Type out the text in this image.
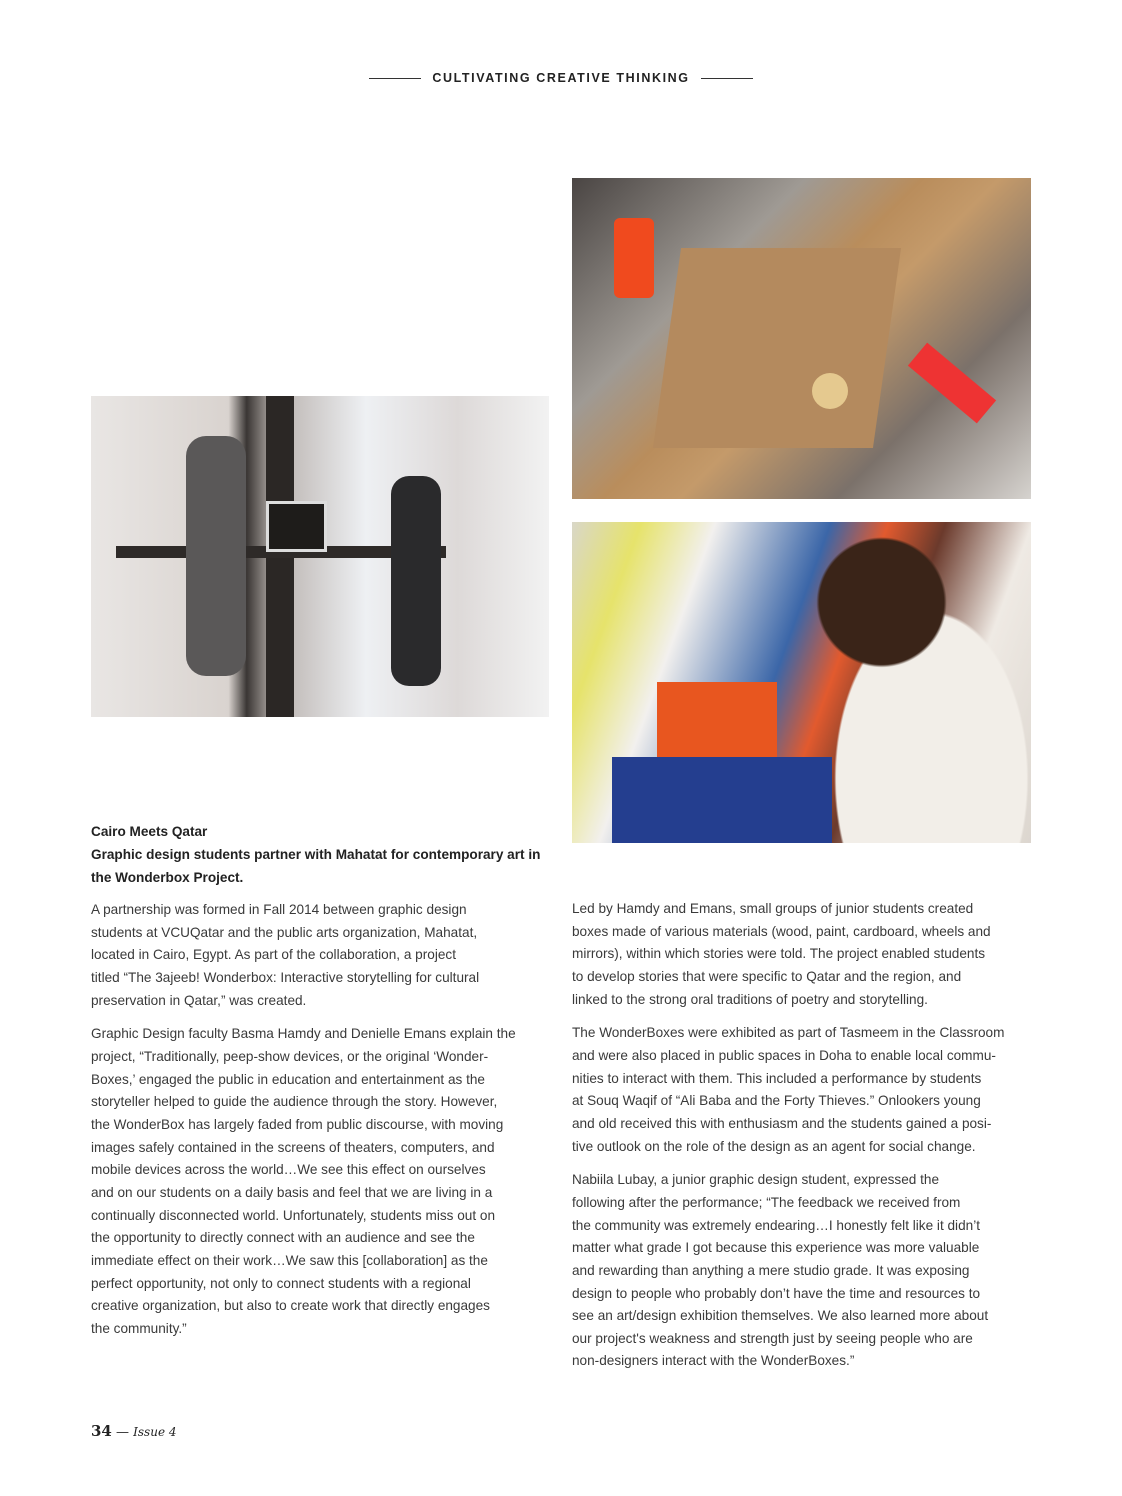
CULTIVATING CREATIVE THINKING
Cairo Meets Qatar
Graphic design students partner with Mahatat for contemporary art in the Wonderbox Project.
A partnership was formed in Fall 2014 between graphic design
students at VCUQatar and the public arts organization, Mahatat,
located in Cairo, Egypt. As part of the collaboration, a project
titled “The 3ajeeb! Wonderbox: Interactive storytelling for cultural
preservation in Qatar,” was created.
Graphic Design faculty Basma Hamdy and Denielle Emans explain the
project, “Traditionally, peep-show devices, or the original ‘Wonder-
Boxes,’ engaged the public in education and entertainment as the
storyteller helped to guide the audience through the story. However,
the WonderBox has largely faded from public discourse, with moving
images safely contained in the screens of theaters, computers, and
mobile devices across the world…We see this effect on ourselves
and on our students on a daily basis and feel that we are living in a
continually disconnected world. Unfortunately, students miss out on
the opportunity to directly connect with an audience and see the
immediate effect on their work…We saw this [collaboration] as the
perfect opportunity, not only to connect students with a regional
creative organization, but also to create work that directly engages
the community.”
34 — Issue 4
Led by Hamdy and Emans, small groups of junior students created
boxes made of various materials (wood, paint, cardboard, wheels and
mirrors), within which stories were told. The project enabled students
to develop stories that were specific to Qatar and the region, and
linked to the strong oral traditions of poetry and storytelling.
The WonderBoxes were exhibited as part of Tasmeem in the Classroom
and were also placed in public spaces in Doha to enable local commu-
nities to interact with them. This included a performance by students
at Souq Waqif of “Ali Baba and the Forty Thieves.” Onlookers young
and old received this with enthusiasm and the students gained a posi-
tive outlook on the role of the design as an agent for social change.
Nabiila Lubay, a junior graphic design student, expressed the
following after the performance; “The feedback we received from
the community was extremely endearing…I honestly felt like it didn’t
matter what grade I got because this experience was more valuable
and rewarding than anything a mere studio grade. It was exposing
design to people who probably don’t have the time and resources to
see an art/design exhibition themselves. We also learned more about
our project's weakness and strength just by seeing people who are
non-designers interact with the WonderBoxes.”
